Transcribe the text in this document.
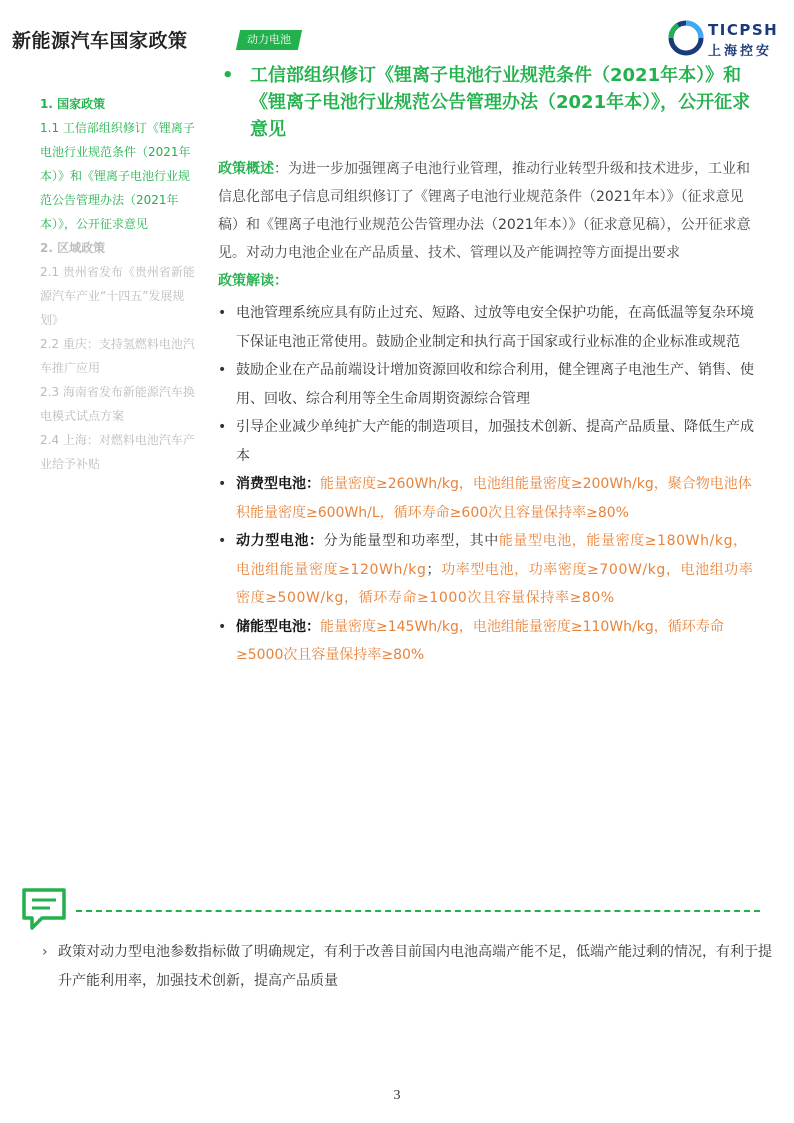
新能源汽车国家政策	动力电池
TICPSH
上海控安
1. 国家政策
1.1 工信部组织修订《锂离子电池行业规范条件（2021年本）》和《锂离子电池行业规范公告管理办法（2021年本）》，公开征求意见
2. 区域政策
2.1 贵州省发布《贵州省新能源汽车产业“十四五”发展规划》
2.2 重庆：支持氢燃料电池汽车推广应用
2.3 海南省发布新能源汽车换电模式试点方案
2.4 上海：对燃料电池汽车产业给予补贴
• 工信部组织修订《锂离子电池行业规范条件（2021年本）》和《锂离子电池行业规范公告管理办法（2021年本）》，公开征求意见
政策概述：为进一步加强锂离子电池行业管理，推动行业转型升级和技术进步，工业和信息化部电子信息司组织修订了《锂离子电池行业规范条件（2021年本）》（征求意见稿）和《锂离子电池行业规范公告管理办法（2021年本）》（征求意见稿），公开征求意见。对动力电池企业在产品质量、技术、管理以及产能调控等方面提出要求
政策解读：
• 电池管理系统应具有防止过充、短路、过放等电安全保护功能，在高低温等复杂环境下保证电池正常使用。鼓励企业制定和执行高于国家或行业标准的企业标准或规范
• 鼓励企业在产品前端设计增加资源回收和综合利用，健全锂离子电池生产、销售、使用、回收、综合利用等全生命周期资源综合管理
• 引导企业减少单纯扩大产能的制造项目，加强技术创新、提高产品质量、降低生产成本
• 消费型电池：能量密度≥260Wh/kg，电池组能量密度≥200Wh/kg，聚合物电池体积能量密度≥600Wh/L，循环寿命≥600次且容量保持率≥80%
• 动力型电池：分为能量型和功率型，其中能量型电池，能量密度≥180Wh/kg，电池组能量密度≥120Wh/kg；功率型电池，功率密度≥700W/kg，电池组功率密度≥500W/kg，循环寿命≥1000次且容量保持率≥80%
• 储能型电池：能量密度≥145Wh/kg，电池组能量密度≥110Wh/kg，循环寿命≥5000次且容量保持率≥80%
› 政策对动力型电池参数指标做了明确规定，有利于改善目前国内电池高端产能不足，低端产能过剩的情况，有利于提升产能利用率，加强技术创新，提高产品质量
3
